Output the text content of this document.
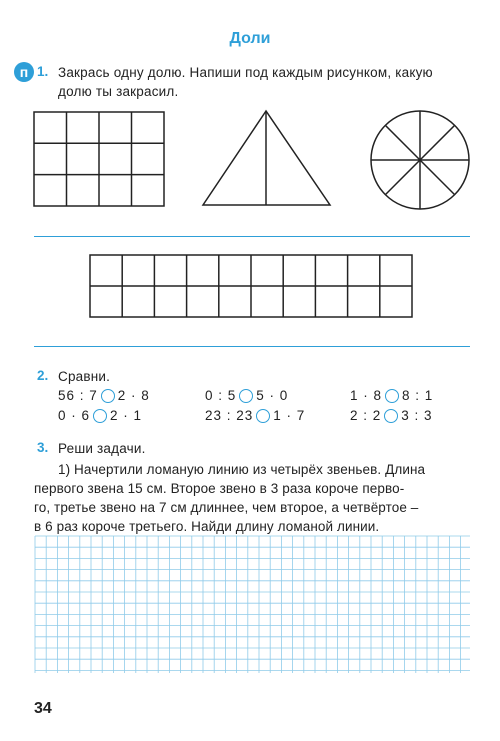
Доли
п 1. Закрась одну долю. Напиши под каждым рисунком, какую
долю ты закрасил.
2. Сравни.
56 : 7 2 · 8	0 : 5 5 · 0	1 · 8 8 : 1
0 · 6 2 · 1	23 : 23 1 · 7	2 : 2 3 : 3
3. Реши задачи.
1) Начертили ломаную линию из четырёх звеньев. Длина
первого звена 15 см. Второе звено в 3 раза короче перво-
го, третье звено на 7 см длиннее, чем второе, а четвёртое –
в 6 раз короче третьего. Найди длину ломаной линии.
34
